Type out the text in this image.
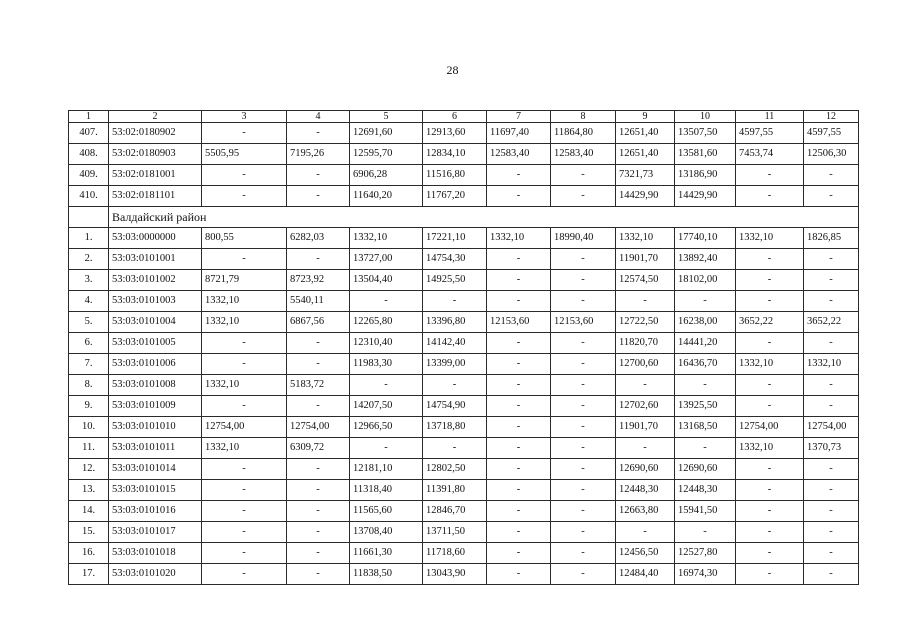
28
1	2	3	4	5	6	7	8	9	10	11	12
407.	53:02:0180902	-	-	12691,60	12913,60	11697,40	11864,80	12651,40	13507,50	4597,55	4597,55
408.	53:02:0180903	5505,95	7195,26	12595,70	12834,10	12583,40	12583,40	12651,40	13581,60	7453,74	12506,30
409.	53:02:0181001	-	-	6906,28	11516,80	-	-	7321,73	13186,90	-	-
410.	53:02:0181101	-	-	11640,20	11767,20	-	-	14429,90	14429,90	-	-
	Валдайский район										
1.	53:03:0000000	800,55	6282,03	1332,10	17221,10	1332,10	18990,40	1332,10	17740,10	1332,10	1826,85
2.	53:03:0101001	-	-	13727,00	14754,30	-	-	11901,70	13892,40	-	-
3.	53:03:0101002	8721,79	8723,92	13504,40	14925,50	-	-	12574,50	18102,00	-	-
4.	53:03:0101003	1332,10	5540,11	-	-	-	-	-	-	-	-
5.	53:03:0101004	1332,10	6867,56	12265,80	13396,80	12153,60	12153,60	12722,50	16238,00	3652,22	3652,22
6.	53:03:0101005	-	-	12310,40	14142,40	-	-	11820,70	14441,20	-	-
7.	53:03:0101006	-	-	11983,30	13399,00	-	-	12700,60	16436,70	1332,10	1332,10
8.	53:03:0101008	1332,10	5183,72	-	-	-	-	-	-	-	-
9.	53:03:0101009	-	-	14207,50	14754,90	-	-	12702,60	13925,50	-	-
10.	53:03:0101010	12754,00	12754,00	12966,50	13718,80	-	-	11901,70	13168,50	12754,00	12754,00
11.	53:03:0101011	1332,10	6309,72	-	-	-	-	-	-	1332,10	1370,73
12.	53:03:0101014	-	-	12181,10	12802,50	-	-	12690,60	12690,60	-	-
13.	53:03:0101015	-	-	11318,40	11391,80	-	-	12448,30	12448,30	-	-
14.	53:03:0101016	-	-	11565,60	12846,70	-	-	12663,80	15941,50	-	-
15.	53:03:0101017	-	-	13708,40	13711,50	-	-	-	-	-	-
16.	53:03:0101018	-	-	11661,30	11718,60	-	-	12456,50	12527,80	-	-
17.	53:03:0101020	-	-	11838,50	13043,90	-	-	12484,40	16974,30	-	-
